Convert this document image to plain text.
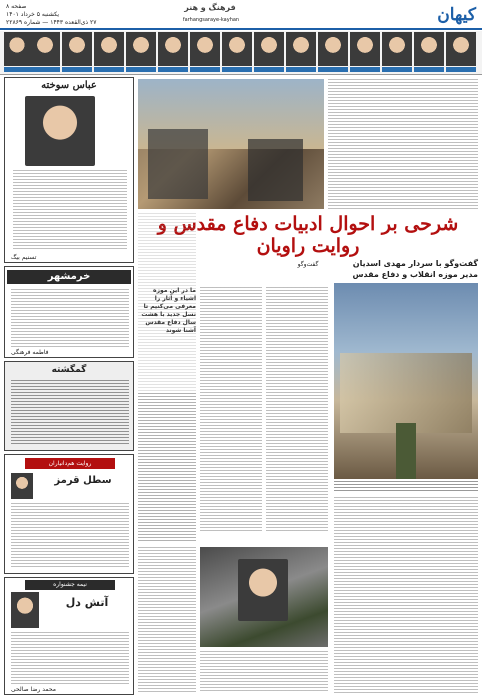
کیهان
صفحه ۸
یکشنبه ۵ خرداد ۱۴۰۱
۲۷ ذی‌القعده ۱۴۴۳ — شماره ۲۲۸۶۹
فرهنگ و هنر
farhangsaraye-kayhan
عباس سوخته
تسنیم بیگ
خرمشهر
فاطمه فرهنگی
گمگشته
روایت هم‌دانیاران
سطل قرمز
نیمه جشنواره
آتش دل
محمد رضا صالحی
شرحی بر احوال ادبیات دفاع مقدس و روایت راویان
گفت‌وگو	گفت‌وگو با سردار مهدی اسدیان
مدیر موزه انقلاب و دفاع مقدس
ما در این موزه اشیاء و آثار را معرفی می‌کنیم تا نسل جدید با هشت سال دفاع مقدس آشنا شوند
